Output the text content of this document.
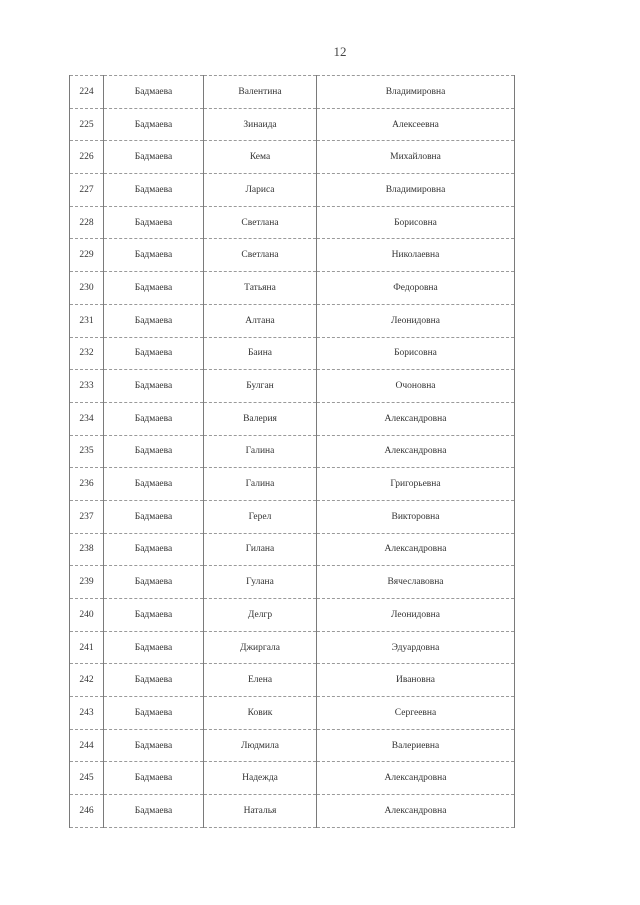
12
224	Бадмаева	Валентина	Владимировна
225	Бадмаева	Зинаида	Алексеевна
226	Бадмаева	Кема	Михайловна
227	Бадмаева	Лариса	Владимировна
228	Бадмаева	Светлана	Борисовна
229	Бадмаева	Светлана	Николаевна
230	Бадмаева	Татьяна	Федоровна
231	Бадмаева	Алтана	Леонидовна
232	Бадмаева	Баина	Борисовна
233	Бадмаева	Булган	Очоновна
234	Бадмаева	Валерия	Александровна
235	Бадмаева	Галина	Александровна
236	Бадмаева	Галина	Григорьевна
237	Бадмаева	Герел	Викторовна
238	Бадмаева	Гилана	Александровна
239	Бадмаева	Гулана	Вячеславовна
240	Бадмаева	Делгр	Леонидовна
241	Бадмаева	Джиргала	Эдуардовна
242	Бадмаева	Елена	Ивановна
243	Бадмаева	Ковик	Сергеевна
244	Бадмаева	Людмила	Валериевна
245	Бадмаева	Надежда	Александровна
246	Бадмаева	Наталья	Александровна
